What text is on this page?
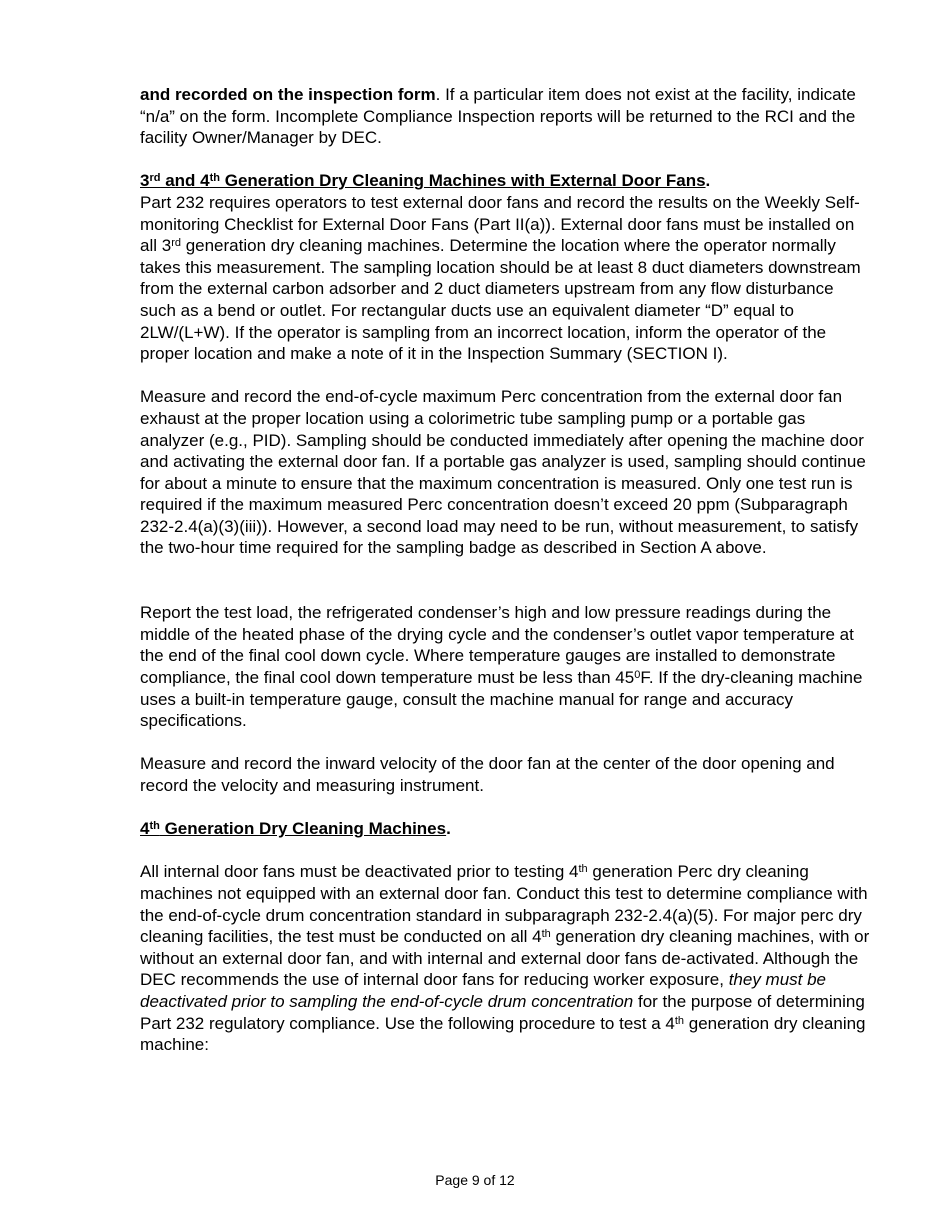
and recorded on the inspection form. If a particular item does not exist at the facility, indicate “n/a” on the form. Incomplete Compliance Inspection reports will be returned to the RCI and the facility Owner/Manager by DEC.

3rd and 4th Generation Dry Cleaning Machines with External Door Fans.

Part 232 requires operators to test external door fans and record the results on the Weekly Self-monitoring Checklist for External Door Fans (Part II(a)). External door fans must be installed on all 3rd generation dry cleaning machines. Determine the location where the operator normally takes this measurement. The sampling location should be at least 8 duct diameters downstream from the external carbon adsorber and 2 duct diameters upstream from any flow disturbance such as a bend or outlet. For rectangular ducts use an equivalent diameter “D” equal to 2LW/(L+W). If the operator is sampling from an incorrect location, inform the operator of the proper location and make a note of it in the Inspection Summary (SECTION I).

Measure and record the end-of-cycle maximum Perc concentration from the external door fan exhaust at the proper location using a colorimetric tube sampling pump or a portable gas analyzer (e.g., PID). Sampling should be conducted immediately after opening the machine door and activating the external door fan. If a portable gas analyzer is used, sampling should continue for about a minute to ensure that the maximum concentration is measured. Only one test run is required if the maximum measured Perc concentration doesn’t exceed 20 ppm (Subparagraph 232-2.4(a)(3)(iii)). However, a second load may need to be run, without measurement, to satisfy the two-hour time required for the sampling badge as described in Section A above.

Report the test load, the refrigerated condenser’s high and low pressure readings during the middle of the heated phase of the drying cycle and the condenser’s outlet vapor temperature at the end of the final cool down cycle. Where temperature gauges are installed to demonstrate compliance, the final cool down temperature must be less than $45^0F$. If the dry-cleaning machine uses a built-in temperature gauge, consult the machine manual for range and accuracy specifications.

Measure and record the inward velocity of the door fan at the center of the door opening and record the velocity and measuring instrument.

4th Generation Dry Cleaning Machines.

All internal door fans must be deactivated prior to testing 4th generation Perc dry cleaning machines not equipped with an external door fan. Conduct this test to determine compliance with the end-of-cycle drum concentration standard in subparagraph 232-2.4(a)(5). For major perc dry cleaning facilities, the test must be conducted on all 4th generation dry cleaning machines, with or without an external door fan, and with internal and external door fans de-activated. Although the DEC recommends the use of internal door fans for reducing worker exposure, they must be deactivated prior to sampling the end-of-cycle drum concentration for the purpose of determining Part 232 regulatory compliance. Use the following procedure to test a 4th generation dry cleaning machine:

Page 9 of 12
